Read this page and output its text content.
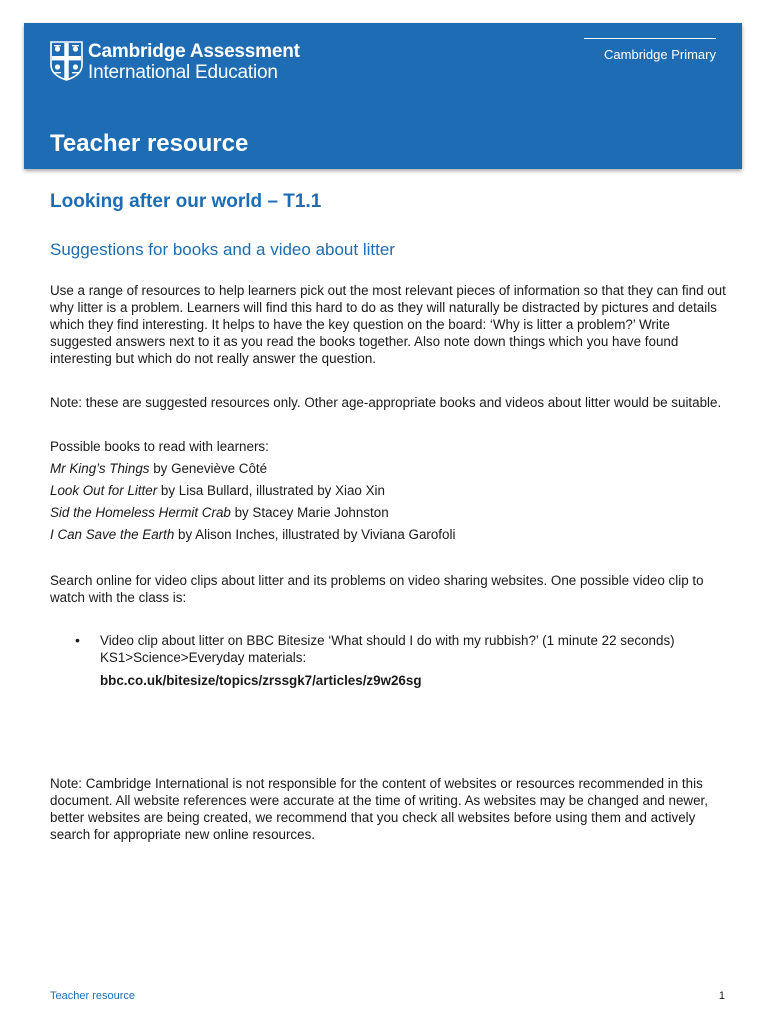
Cambridge Assessment
International Education
Cambridge Primary
Teacher resource
Looking after our world – T1.1
Suggestions for books and a video about litter

Use a range of resources to help learners pick out the most relevant pieces of information so that they can find out why litter is a problem. Learners will find this hard to do as they will naturally be distracted by pictures and details which they find interesting. It helps to have the key question on the board: ‘Why is litter a problem?’ Write suggested answers next to it as you read the books together. Also note down things which you have found interesting but which do not really answer the question.

Note: these are suggested resources only. Other age-appropriate books and videos about litter would be suitable.

Possible books to read with learners:
Mr King’s Things by Geneviève Côté
Look Out for Litter by Lisa Bullard, illustrated by Xiao Xin
Sid the Homeless Hermit Crab by Stacey Marie Johnston
I Can Save the Earth by Alison Inches, illustrated by Viviana Garofoli

Search online for video clips about litter and its problems on video sharing websites. One possible video clip to watch with the class is:

• Video clip about litter on BBC Bitesize ‘What should I do with my rubbish?’ (1 minute 22 seconds) KS1>Science>Everyday materials:
bbc.co.uk/bitesize/topics/zrssgk7/articles/z9w26sg

Note: Cambridge International is not responsible for the content of websites or resources recommended in this document. All website references were accurate at the time of writing. As websites may be changed and newer, better websites are being created, we recommend that you check all websites before using them and actively search for appropriate new online resources.

Teacher resource	1
